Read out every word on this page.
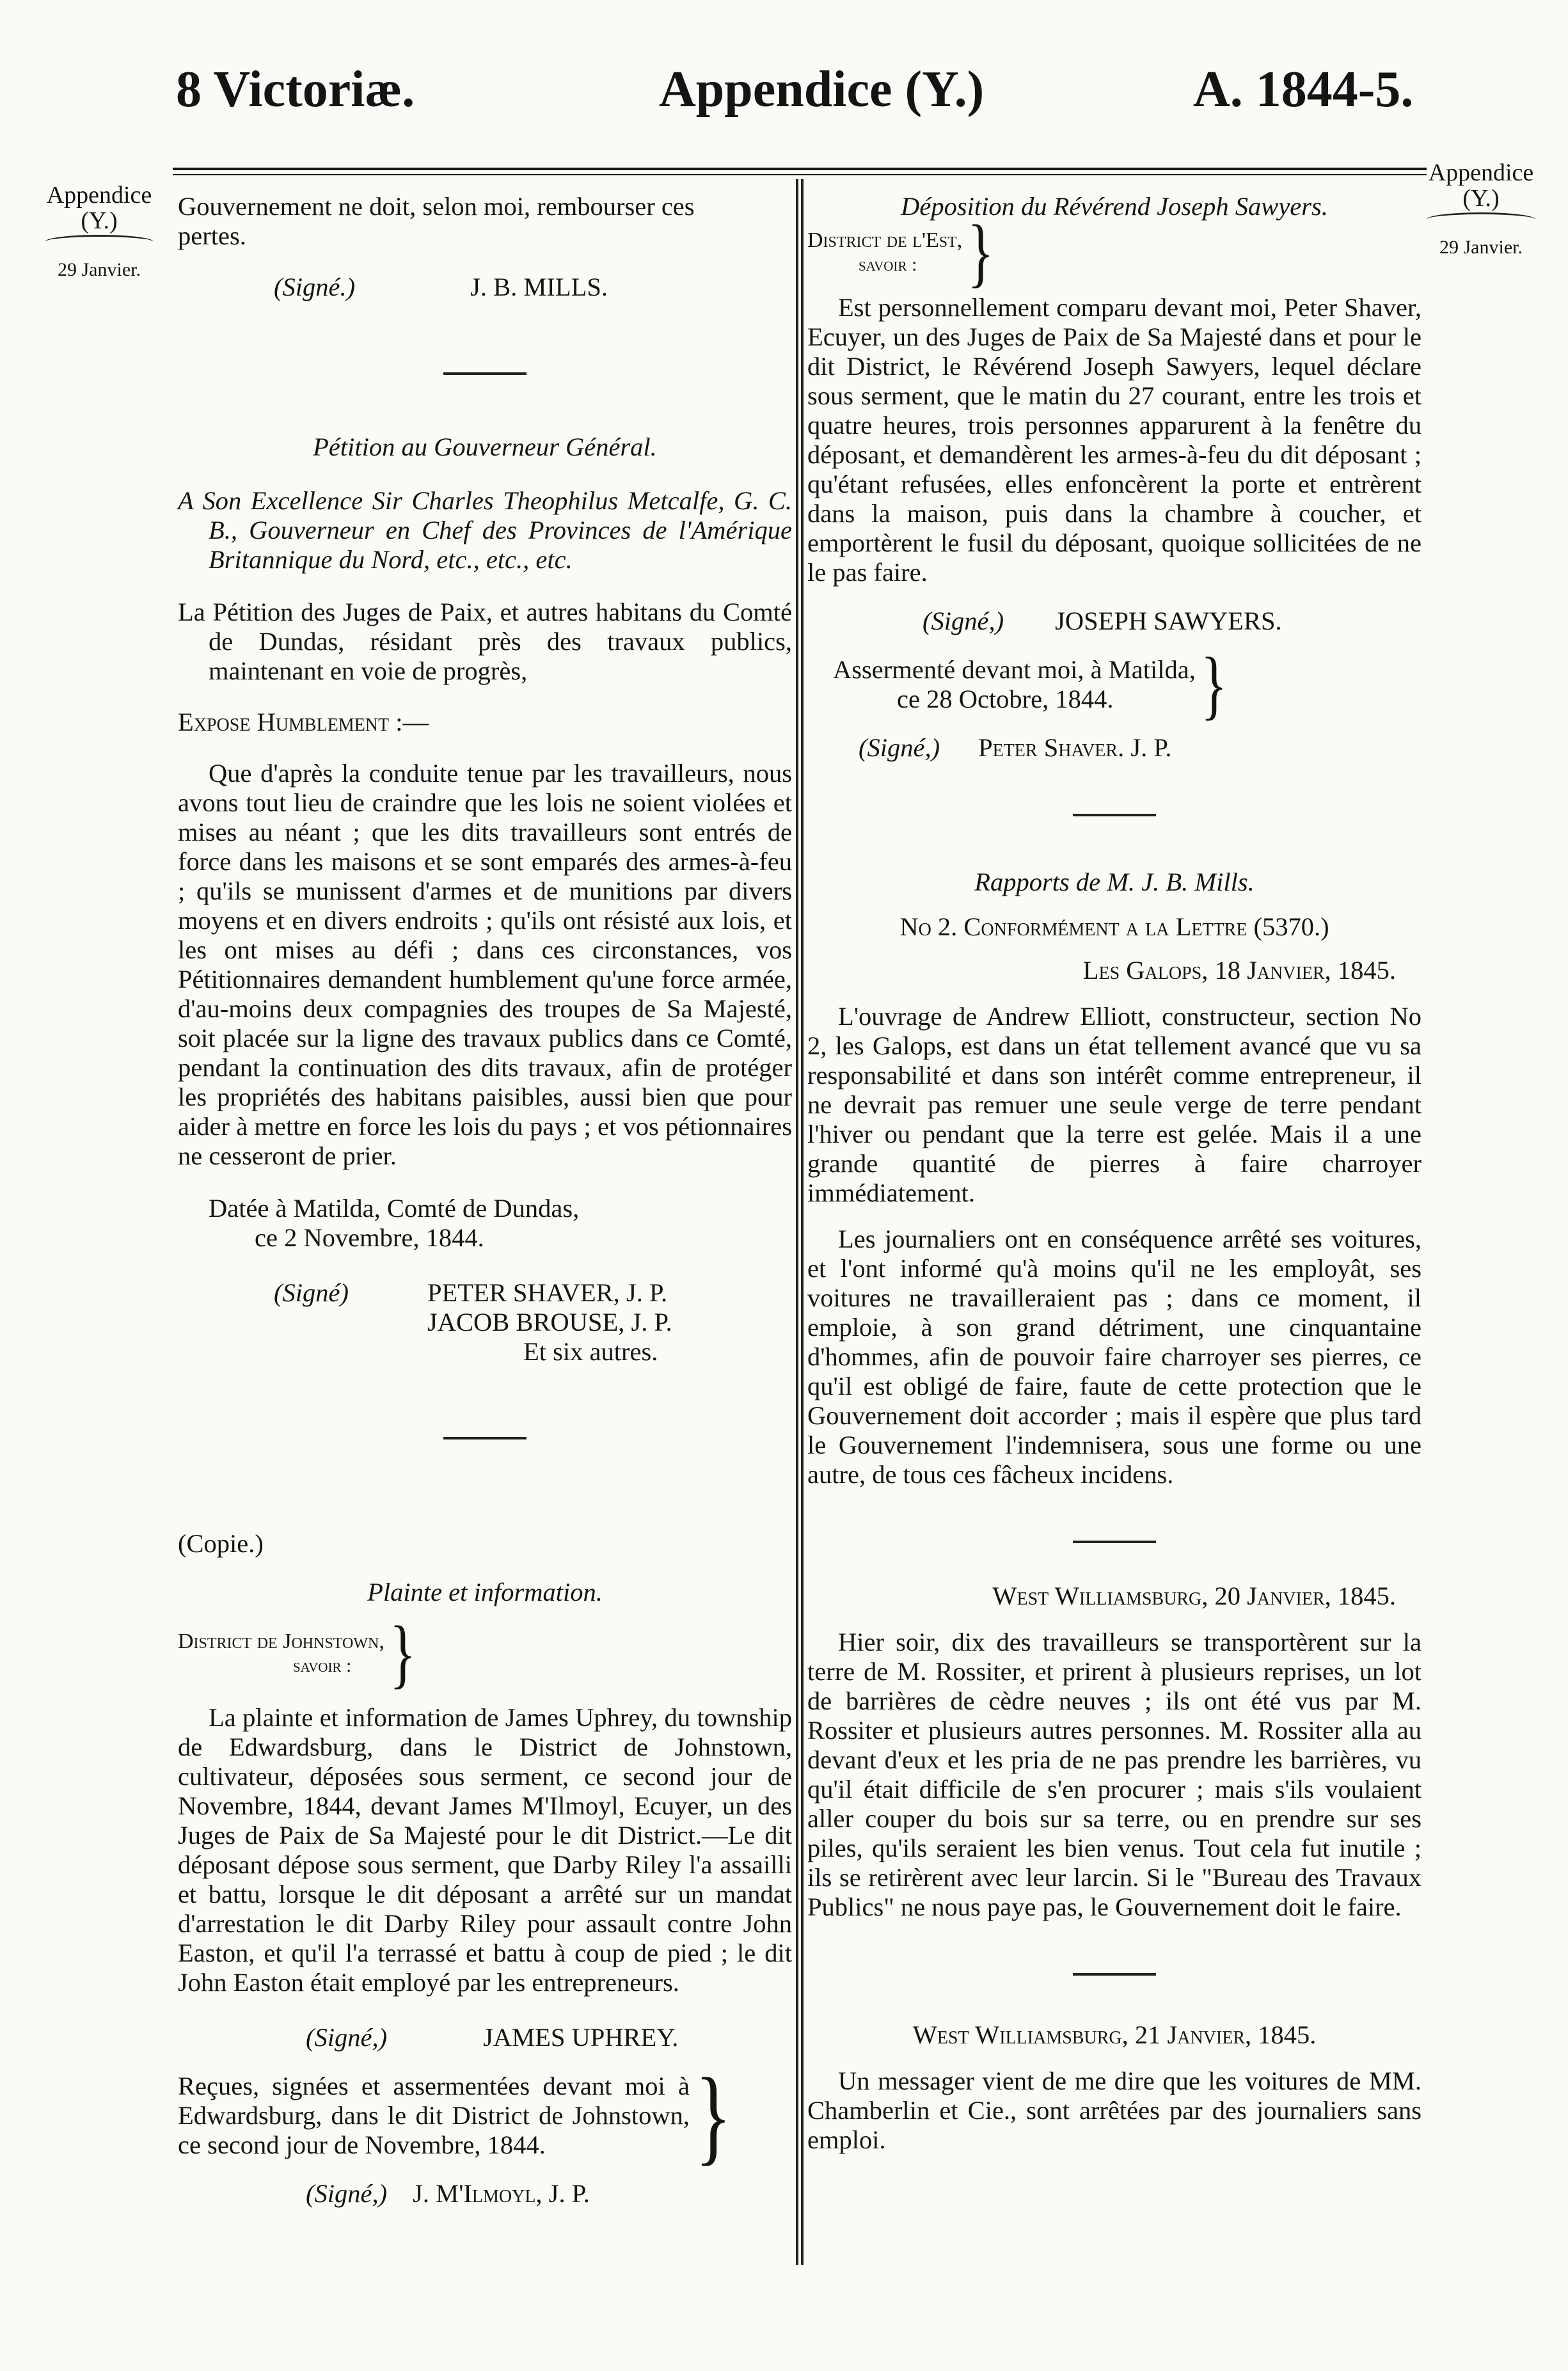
8 Victoriæ.	Appendice (Y.)	A. 1844-5.
Appendice
(Y.)
29 Janvier.
Appendice
(Y.)
29 Janvier.

Gouvernement ne doit, selon moi, rembourser ces

pertes.

(Signé.)	J. B. MILLS.

Pétition au Gouverneur Général.

A Son Excellence Sir Charles Theophilus Metcalfe, G. C. B., Gouverneur en Chef des Provinces de l'Amérique Britannique du Nord, etc., etc., etc.

La Pétition des Juges de Paix, et autres habitans du Comté de Dundas, résidant près des travaux publics, maintenant en voie de progrès,

Expose Humblement :—

Que d'après la conduite tenue par les travailleurs, nous avons tout lieu de craindre que les lois ne soient violées et mises au néant ; que les dits travailleurs sont entrés de force dans les maisons et se sont emparés des armes-à-feu ; qu'ils se munissent d'armes et de munitions par divers moyens et en divers endroits ; qu'ils ont résisté aux lois, et les ont mises au défi ; dans ces circonstances, vos Pétitionnaires demandent humblement qu'une force armée, d'au-moins deux compagnies des troupes de Sa Majesté, soit placée sur la ligne des travaux publics dans ce Comté, pendant la continuation des dits travaux, afin de protéger les propriétés des habitans paisibles, aussi bien que pour aider à mettre en force les lois du pays ; et vos pétionnaires ne cesseront de prier.

Datée à Matilda, Comté de Dundas,

ce 2 Novembre, 1844.

(Signé)	PETER SHAVER, J. P.

JACOB BROUSE, J. P.

Et six autres.

(Copie.)

Plainte et information.

District de Johnstown,

savoir : }

La plainte et information de James Uphrey, du township de Edwardsburg, dans le District de Johnstown, cultivateur, déposées sous serment, ce second jour de Novembre, 1844, devant James M'Ilmoyl, Ecuyer, un des Juges de Paix de Sa Majesté pour le dit District.—Le dit déposant dépose sous serment, que Darby Riley l'a assailli et battu, lorsque le dit déposant a arrêté sur un mandat d'arrestation le dit Darby Riley pour assault contre John Easton, et qu'il l'a terrassé et battu à coup de pied ; le dit John Easton était employé par les entrepreneurs.

(Signé,)	JAMES UPHREY.

Reçues, signées et assermentées devant moi à Edwardsburg, dans le dit District de Johnstown, ce second jour de Novembre, 1844.	}
(Signé,) J. M'Ilmoyl, J. P.

Déposition du Révérend Joseph Sawyers.

District de l'Est,

savoir : }

Est personnellement comparu devant moi, Peter Shaver, Ecuyer, un des Juges de Paix de Sa Majesté dans et pour le dit District, le Révérend Joseph Sawyers, lequel déclare sous serment, que le matin du 27 courant, entre les trois et quatre heures, trois personnes apparurent à la fenêtre du déposant, et demandèrent les armes-à-feu du dit déposant ; qu'étant refusées, elles enfoncèrent la porte et entrèrent dans la maison, puis dans la chambre à coucher, et emportèrent le fusil du déposant, quoique sollicitées de ne le pas faire.

(Signé,) JOSEPH SAWYERS.

Assermenté devant moi, à Matilda,

ce 28 Octobre, 1844.	}
(Signé,) Peter Shaver. J. P.

Rapports de M. J. B. Mills.

No 2. Conformément a la Lettre (5370.)

Les Galops, 18 Janvier, 1845.

L'ouvrage de Andrew Elliott, constructeur, section No 2, les Galops, est dans un état tellement avancé que vu sa responsabilité et dans son intérêt comme entrepreneur, il ne devrait pas remuer une seule verge de terre pendant l'hiver ou pendant que la terre est gelée. Mais il a une grande quantité de pierres à faire charroyer immédiatement.

Les journaliers ont en conséquence arrêté ses voitures, et l'ont informé qu'à moins qu'il ne les employât, ses voitures ne travailleraient pas ; dans ce moment, il emploie, à son grand détriment, une cinquantaine d'hommes, afin de pouvoir faire charroyer ses pierres, ce qu'il est obligé de faire, faute de cette protection que le Gouvernement doit accorder ; mais il espère que plus tard le Gouvernement l'indemnisera, sous une forme ou une autre, de tous ces fâcheux incidens.

West Williamsburg, 20 Janvier, 1845.

Hier soir, dix des travailleurs se transportèrent sur la terre de M. Rossiter, et prirent à plusieurs reprises, un lot de barrières de cèdre neuves ; ils ont été vus par M. Rossiter et plusieurs autres personnes. M. Rossiter alla au devant d'eux et les pria de ne pas prendre les barrières, vu qu'il était difficile de s'en procurer ; mais s'ils voulaient aller couper du bois sur sa terre, ou en prendre sur ses piles, qu'ils seraient les bien venus. Tout cela fut inutile ; ils se retirèrent avec leur larcin. Si le "Bureau des Travaux Publics" ne nous paye pas, le Gouvernement doit le faire.

West Williamsburg, 21 Janvier, 1845.

Un messager vient de me dire que les voitures de MM. Chamberlin et Cie., sont arrêtées par des journaliers sans emploi.
